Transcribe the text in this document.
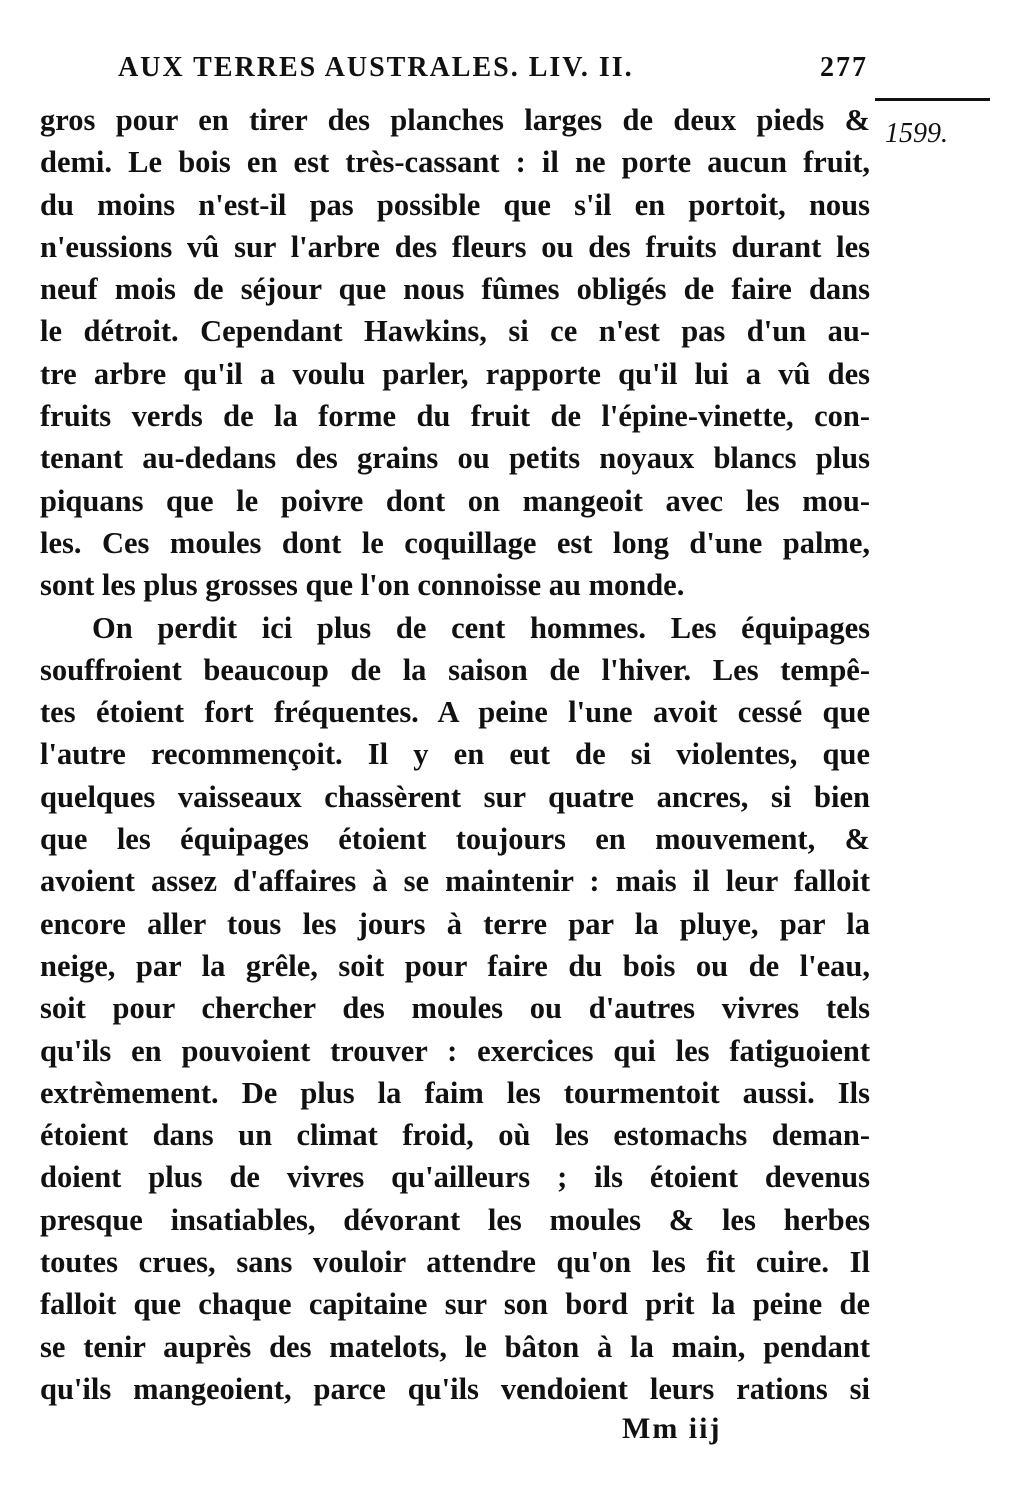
AUX TERRES AUSTRALES. LIV. II.	277
1599.
gros pour en tirer des planches larges de deux pieds &
demi. Le bois en est très-cassant : il ne porte aucun fruit,
du moins n'est-il pas possible que s'il en portoit, nous
n'eussions vû sur l'arbre des fleurs ou des fruits durant les
neuf mois de séjour que nous fûmes obligés de faire dans
le détroit. Cependant Hawkins, si ce n'est pas d'un au-
tre arbre qu'il a voulu parler, rapporte qu'il lui a vû des
fruits verds de la forme du fruit de l'épine-vinette, con-
tenant au-dedans des grains ou petits noyaux blancs plus
piquans que le poivre dont on mangeoit avec les mou-
les. Ces moules dont le coquillage est long d'une palme,
sont les plus grosses que l'on connoisse au monde.
On perdit ici plus de cent hommes. Les équipages
souffroient beaucoup de la saison de l'hiver. Les tempê-
tes étoient fort fréquentes. A peine l'une avoit cessé que
l'autre recommençoit. Il y en eut de si violentes, que
quelques vaisseaux chassèrent sur quatre ancres, si bien
que les équipages étoient toujours en mouvement, &
avoient assez d'affaires à se maintenir : mais il leur falloit
encore aller tous les jours à terre par la pluye, par la
neige, par la grêle, soit pour faire du bois ou de l'eau,
soit pour chercher des moules ou d'autres vivres tels
qu'ils en pouvoient trouver : exercices qui les fatiguoient
extrèmement. De plus la faim les tourmentoit aussi. Ils
étoient dans un climat froid, où les estomachs deman-
doient plus de vivres qu'ailleurs ; ils étoient devenus
presque insatiables, dévorant les moules & les herbes
toutes crues, sans vouloir attendre qu'on les fit cuire. Il
falloit que chaque capitaine sur son bord prit la peine de
se tenir auprès des matelots, le bâton à la main, pendant
qu'ils mangeoient, parce qu'ils vendoient leurs rations si
Mm iij
